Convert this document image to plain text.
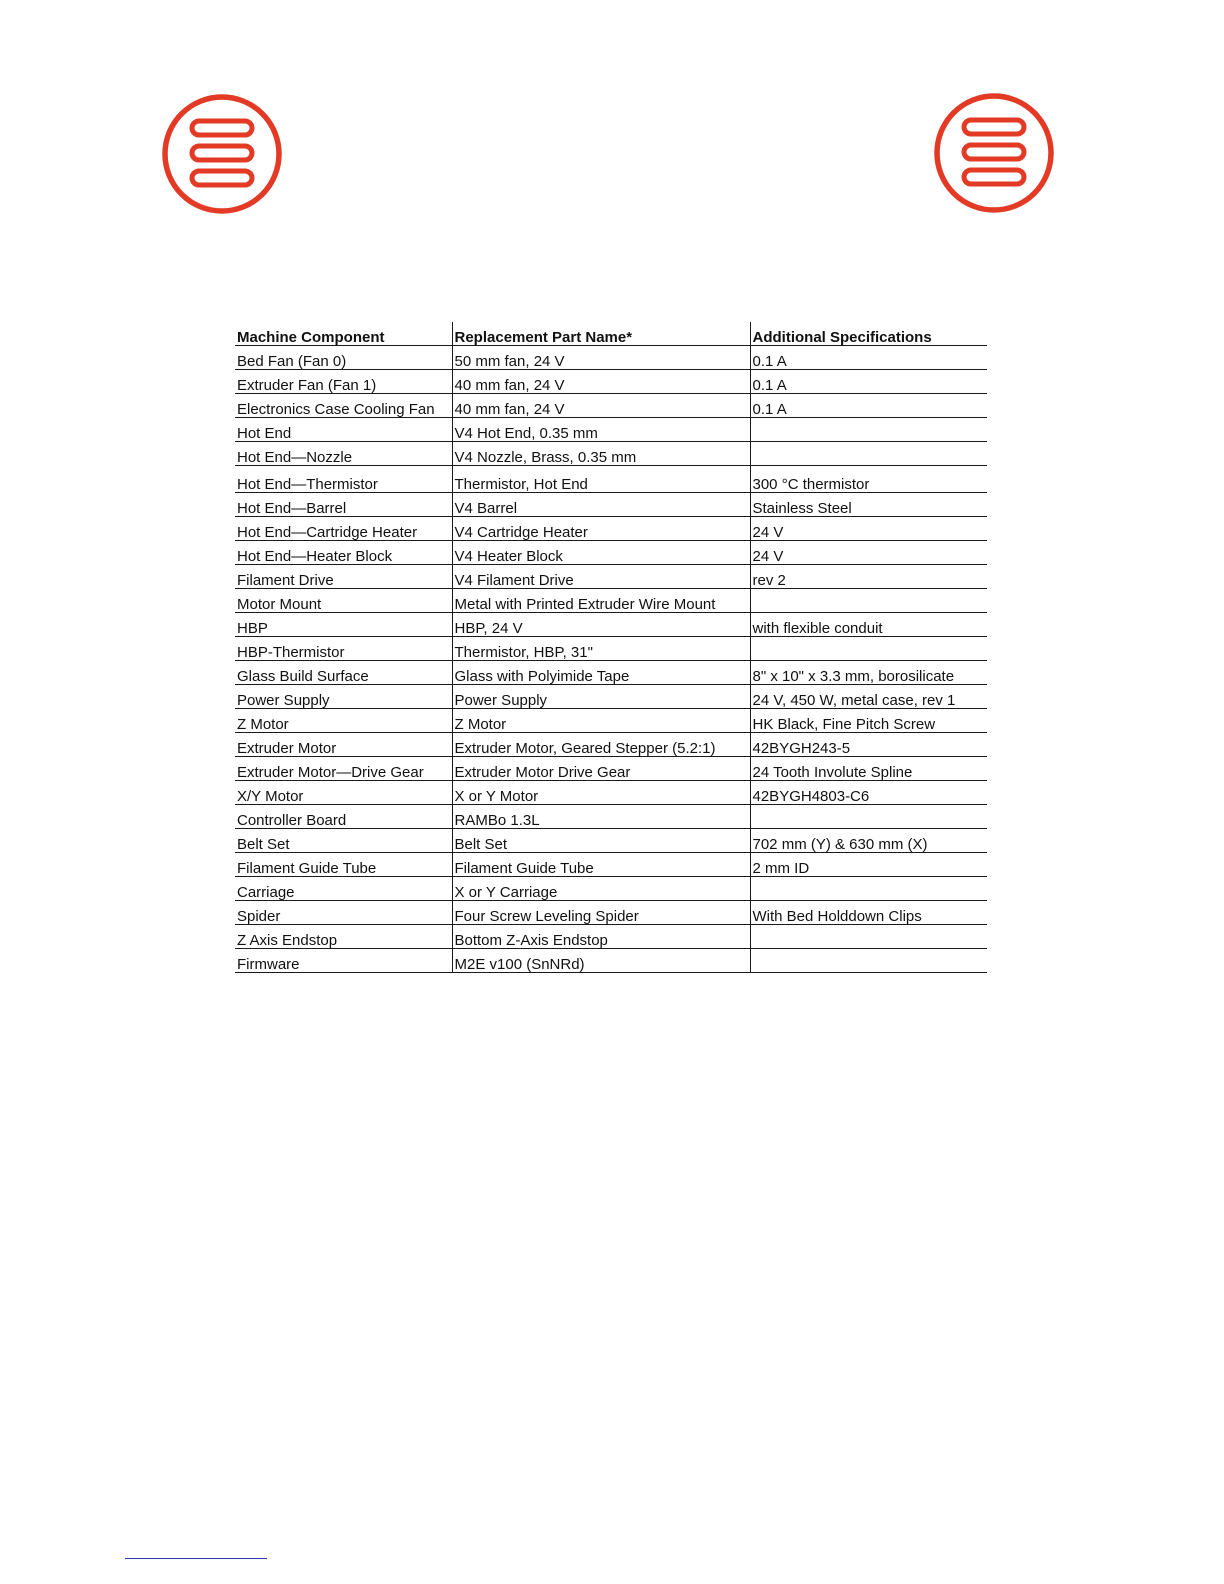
Machine Component	Replacement Part Name*	Additional Specifications
Bed Fan (Fan 0)	50 mm fan, 24 V	0.1 A
Extruder Fan (Fan 1)	40 mm fan, 24 V	0.1 A
Electronics Case Cooling Fan	40 mm fan, 24 V	0.1 A
Hot End	V4 Hot End, 0.35 mm	
Hot End—Nozzle	V4 Nozzle, Brass, 0.35 mm	
Hot End—Thermistor	Thermistor, Hot End	300 °C thermistor
Hot End—Barrel	V4 Barrel	Stainless Steel
Hot End—Cartridge Heater	V4 Cartridge Heater	24 V
Hot End—Heater Block	V4 Heater Block	24 V
Filament Drive	V4 Filament Drive	rev 2
Motor Mount	Metal with Printed Extruder Wire Mount	
HBP	HBP, 24 V	with flexible conduit
HBP-Thermistor	Thermistor, HBP, 31"	
Glass Build Surface	Glass with Polyimide Tape	8" x 10" x 3.3 mm, borosilicate
Power Supply	Power Supply	24 V, 450 W, metal case, rev 1
Z Motor	Z Motor	HK Black, Fine Pitch Screw
Extruder Motor	Extruder Motor, Geared Stepper (5.2:1)	42BYGH243-5
Extruder Motor—Drive Gear	Extruder Motor Drive Gear	24 Tooth Involute Spline
X/Y Motor	X or Y Motor	42BYGH4803-C6
Controller Board	RAMBo 1.3L	
Belt Set	Belt Set	702 mm (Y) & 630 mm (X)
Filament Guide Tube	Filament Guide Tube	2 mm ID
Carriage	X or Y Carriage	
Spider	Four Screw Leveling Spider	With Bed Holddown Clips
Z Axis Endstop	Bottom Z-Axis Endstop	
Firmware	M2E v100 (SnNRd)	
